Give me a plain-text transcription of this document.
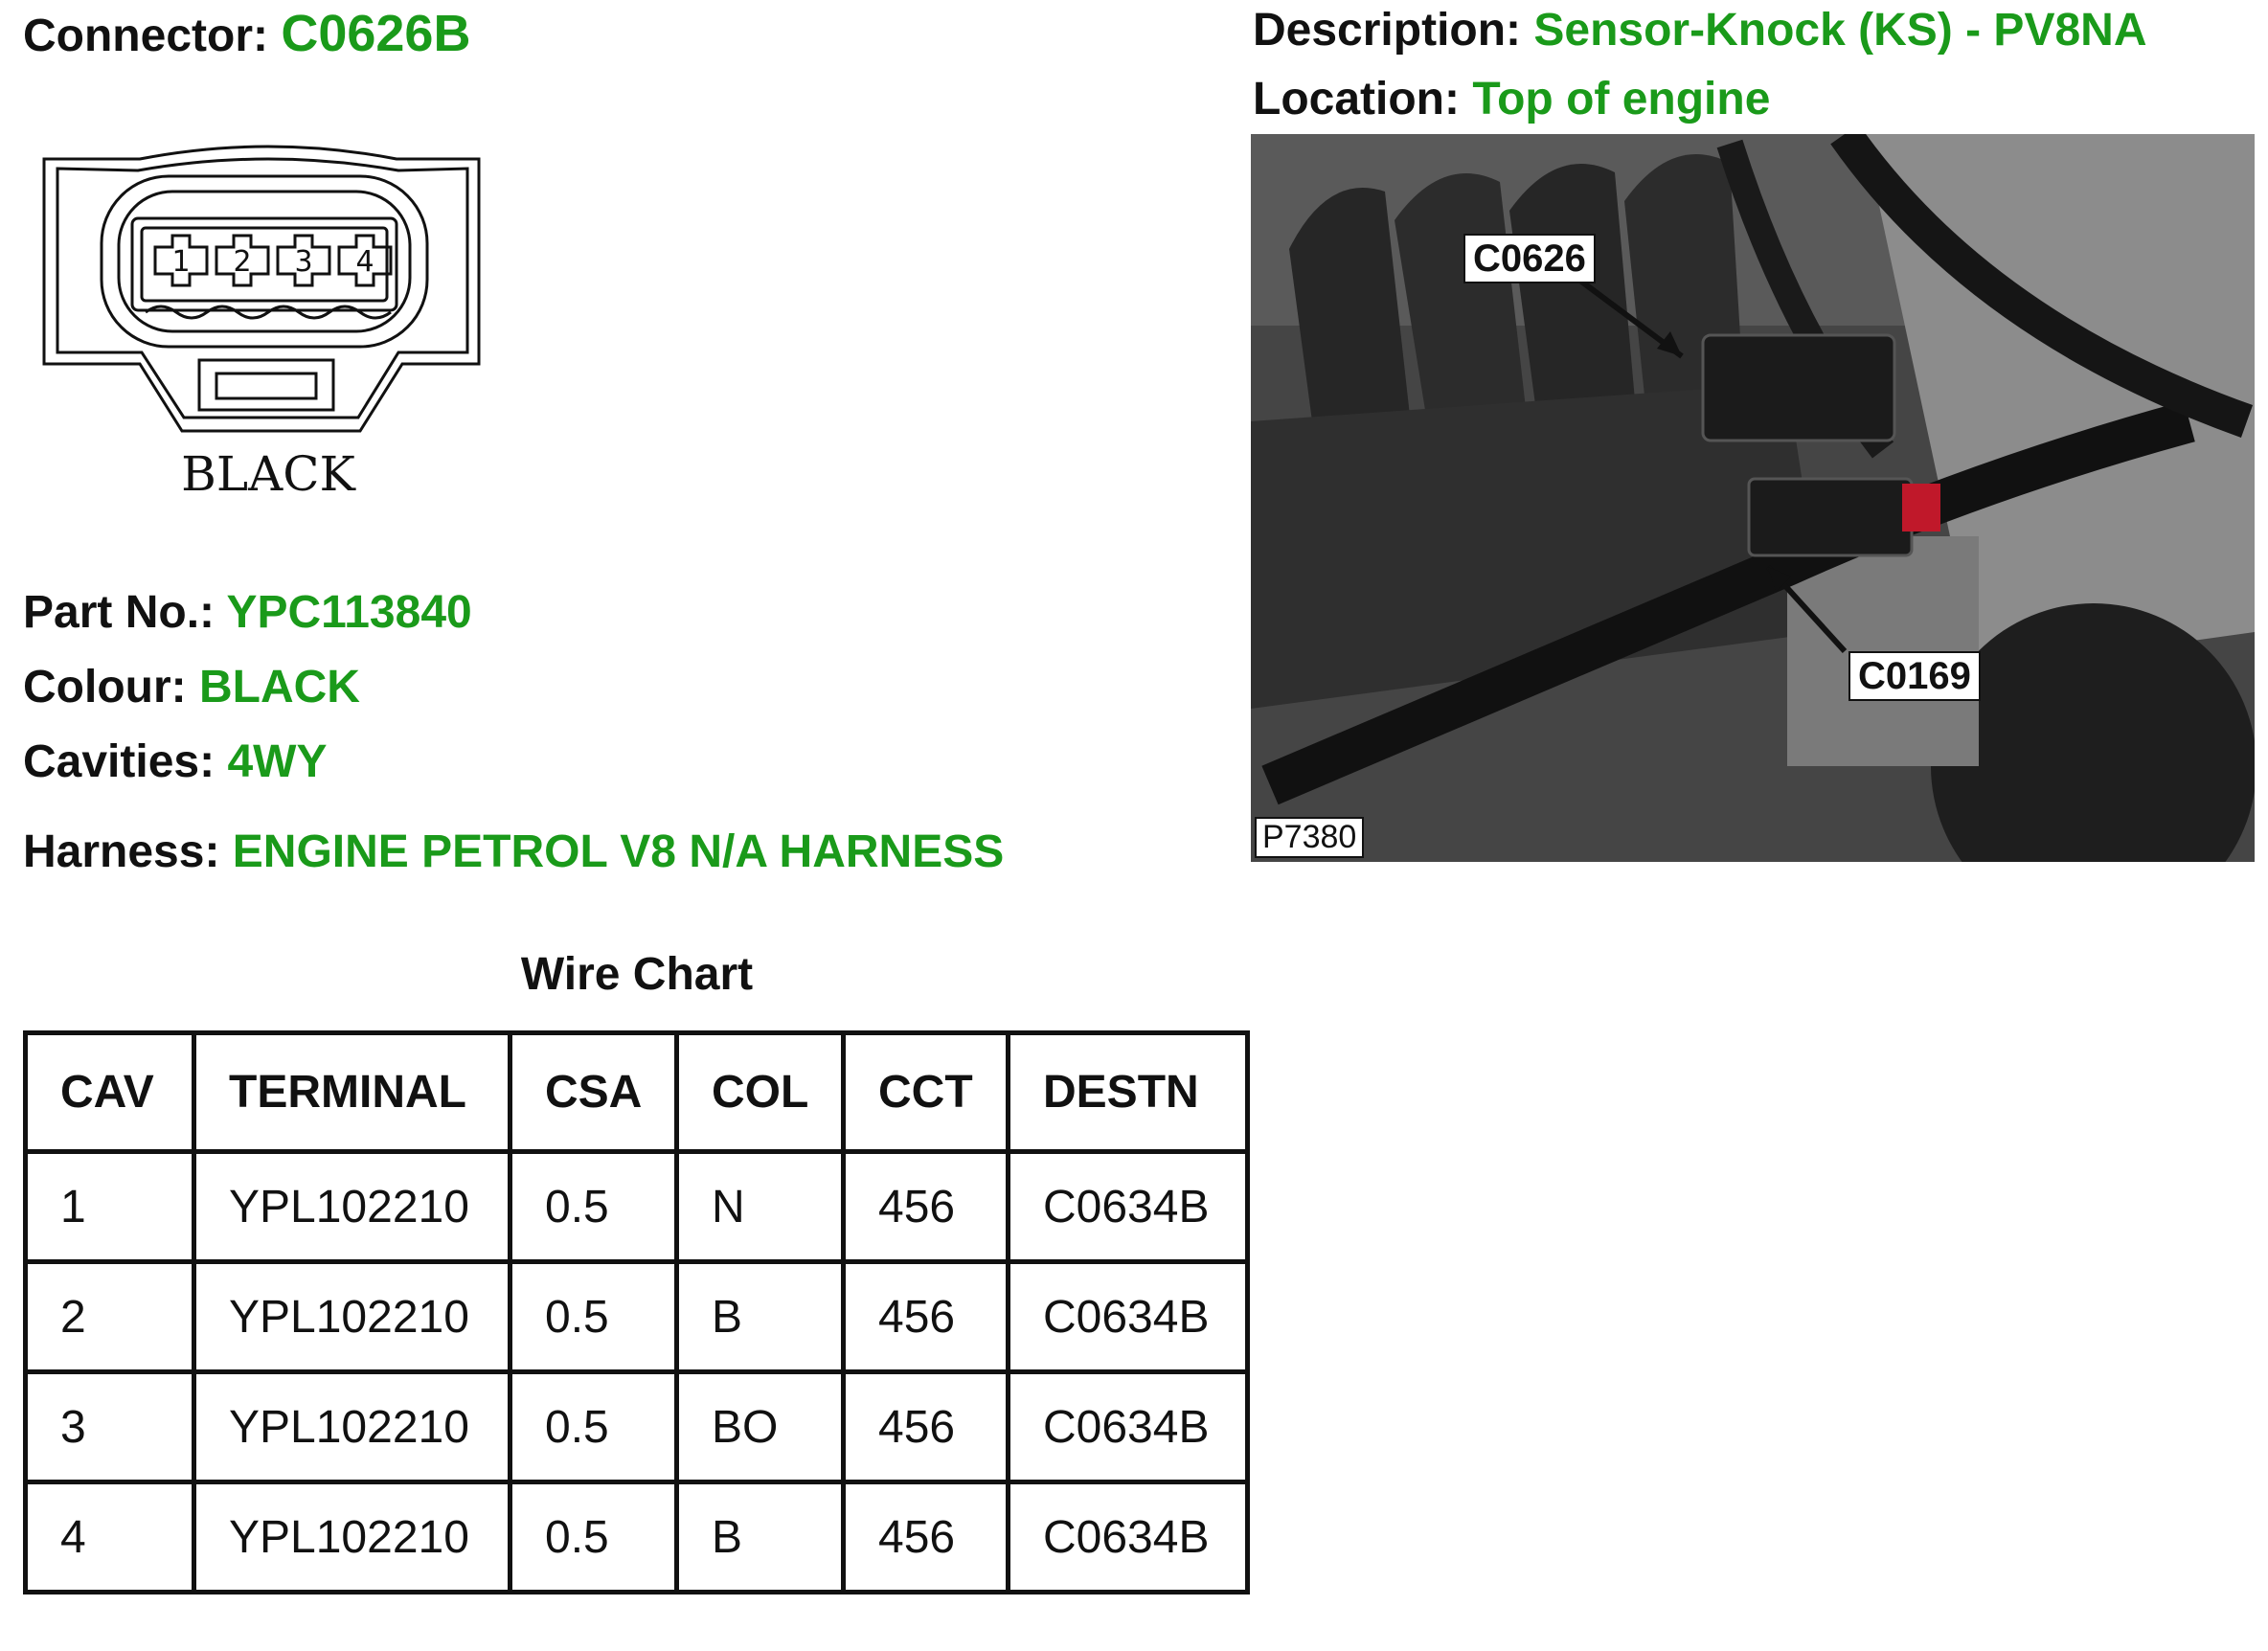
Connector: C0626B	Description: Sensor-Knock (KS) - PV8NA
Location: Top of engine
1 2 3 4
BLACK
C0626
C0169
P7380
Part No.: YPC113840
Colour: BLACK
Cavities: 4WY
Harness: ENGINE PETROL V8 N/A HARNESS
Wire Chart
CAV	TERMINAL	CSA	COL	CCT	DESTN
1	YPL102210	0.5	N	456	C0634B
2	YPL102210	0.5	B	456	C0634B
3	YPL102210	0.5	BO	456	C0634B
4	YPL102210	0.5	B	456	C0634B
